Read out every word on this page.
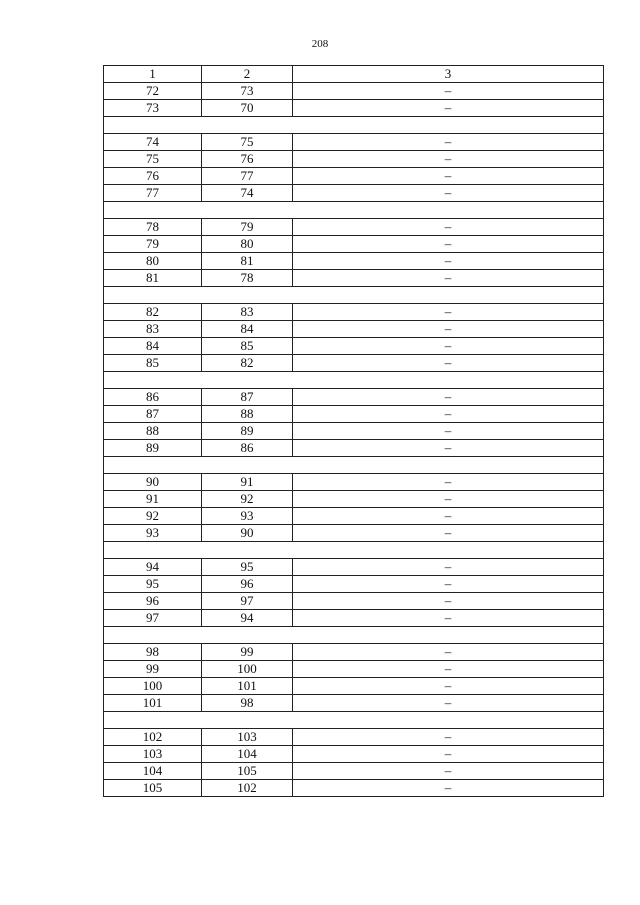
208
1	2	3
72	73	–
73	70	–

74	75	–
75	76	–
76	77	–
77	74	–

78	79	–
79	80	–
80	81	–
81	78	–

82	83	–
83	84	–
84	85	–
85	82	–

86	87	–
87	88	–
88	89	–
89	86	–

90	91	–
91	92	–
92	93	–
93	90	–

94	95	–
95	96	–
96	97	–
97	94	–

98	99	–
99	100	–
100	101	–
101	98	–

102	103	–
103	104	–
104	105	–
105	102	–
